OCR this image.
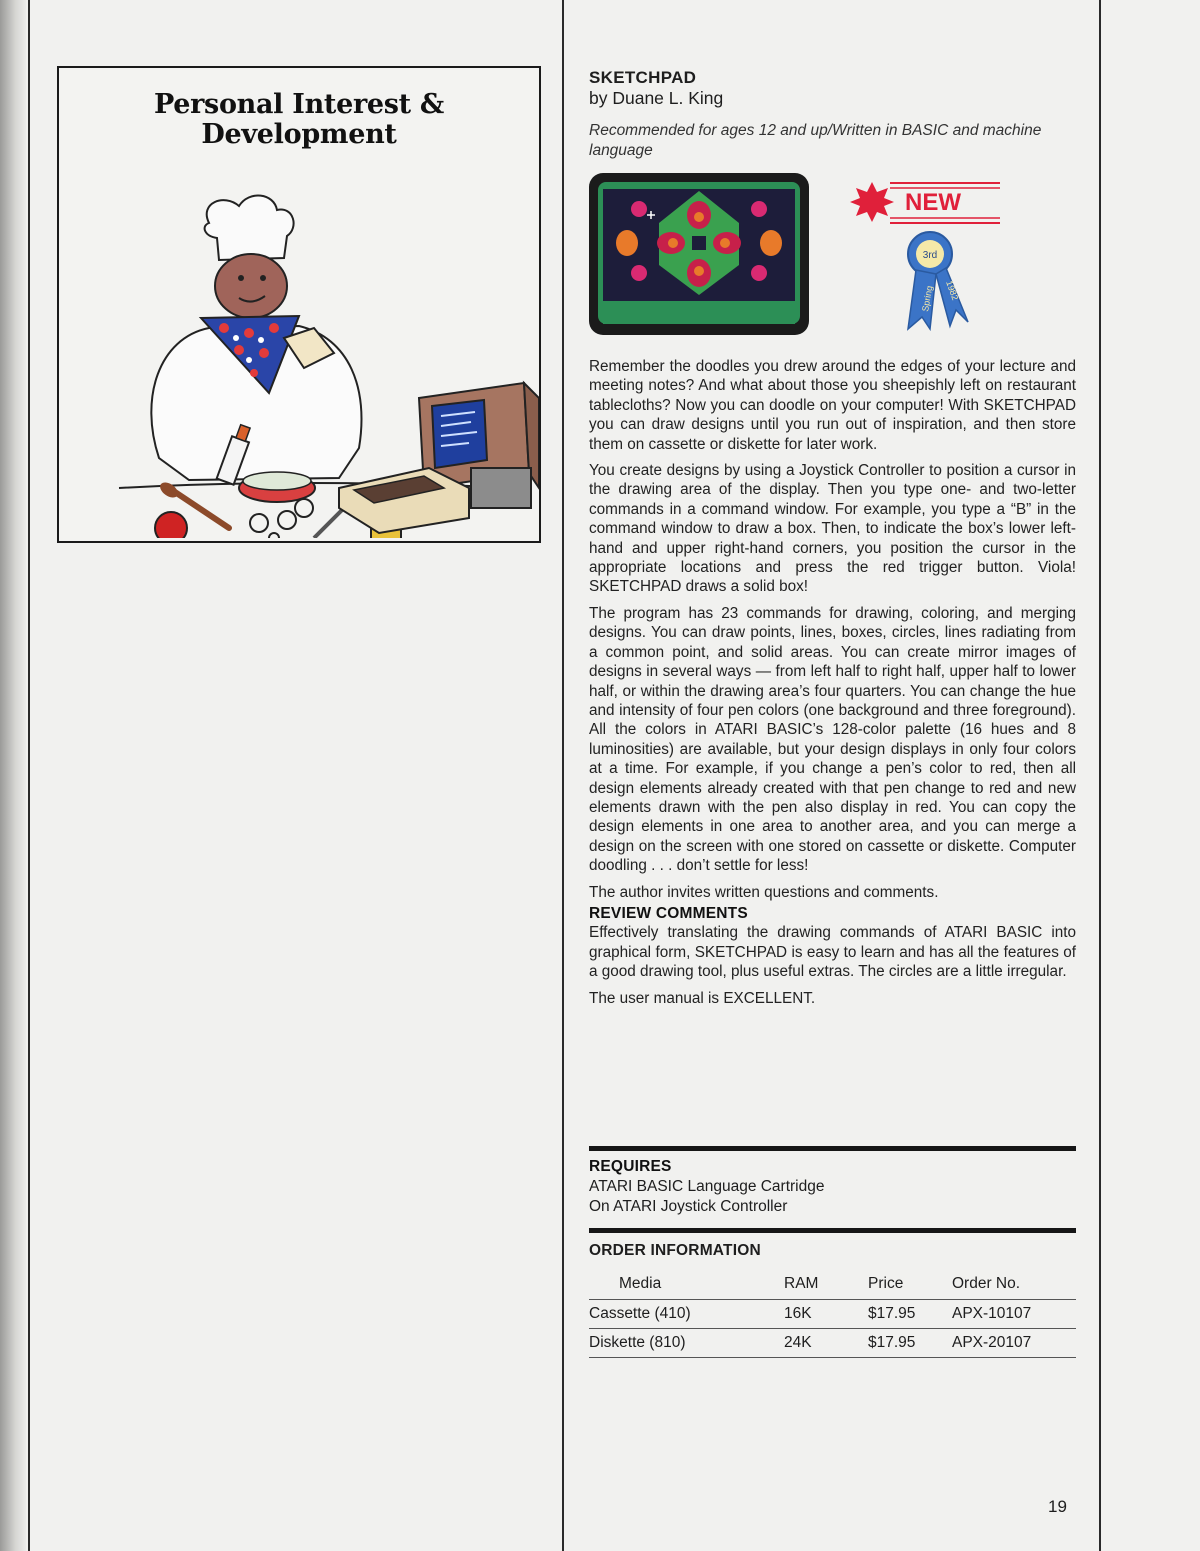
Personal Interest &
Development
SKETCHPAD
by Duane L. King
Recommended for ages 12 and up/Written in BASIC and machine language
NEW
3rd
Spring 1982

Remember the doodles you drew around the edges of your lecture and meeting notes? And what about those you sheepishly left on restaurant tablecloths? Now you can doodle on your computer! With SKETCHPAD you can draw designs until you run out of inspiration, and then store them on cassette or diskette for later work.

You create designs by using a Joystick Controller to position a cursor in the drawing area of the display. Then you type one- and two-letter commands in a command window. For example, you type a “B” in the command window to draw a box. Then, to indicate the box’s lower left-hand and upper right-hand corners, you position the cursor in the appropriate locations and press the red trigger button. Viola! SKETCHPAD draws a solid box!

The program has 23 commands for drawing, coloring, and merging designs. You can draw points, lines, boxes, circles, lines radiating from a common point, and solid areas. You can create mirror images of designs in several ways — from left half to right half, upper half to lower half, or within the drawing area’s four quarters. You can change the hue and intensity of four pen colors (one background and three foreground). All the colors in ATARI BASIC’s 128-color palette (16 hues and 8 luminosities) are available, but your design displays in only four colors at a time. For example, if you change a pen’s color to red, then all design elements already created with that pen change to red and new elements drawn with the pen also display in red. You can copy the design elements in one area to another area, and you can merge a design on the screen with one stored on cassette or diskette. Computer doodling . . . don’t settle for less!

The author invites written questions and comments.

REVIEW COMMENTS

Effectively translating the drawing commands of ATARI BASIC into graphical form, SKETCHPAD is easy to learn and has all the features of a good drawing tool, plus useful extras. The circles are a little irregular.

The user manual is EXCELLENT.

REQUIRES
ATARI BASIC Language Cartridge
On ATARI Joystick Controller
ORDER INFORMATION
Media	RAM	Price	Order No.
Cassette (410)	16K	$17.95	APX-10107
Diskette (810)	24K	$17.95	APX-20107
19
